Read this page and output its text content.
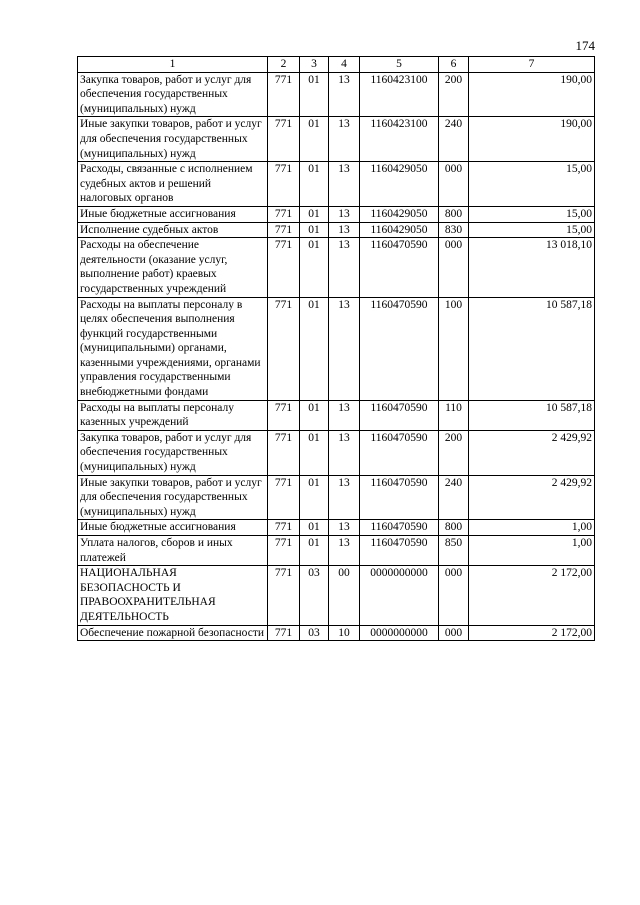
174
1	2	3	4	5	6	7
Закупка товаров, работ и услуг для обеспечения государственных (муниципальных) нужд	771	01	13	1160423100	200	190,00
Иные закупки товаров, работ и услуг для обеспечения государственных (муниципальных) нужд	771	01	13	1160423100	240	190,00
Расходы, связанные с исполнением судебных актов и решений налоговых органов	771	01	13	1160429050	000	15,00
Иные бюджетные ассигнования	771	01	13	1160429050	800	15,00
Исполнение судебных актов	771	01	13	1160429050	830	15,00
Расходы на обеспечение деятельности (оказание услуг, выполнение работ) краевых государственных учреждений	771	01	13	1160470590	000	13 018,10
Расходы на выплаты персоналу в целях обеспечения выполнения функций государственными (муниципальными) органами, казенными учреждениями, органами управления государственными внебюджетными фондами	771	01	13	1160470590	100	10 587,18
Расходы на выплаты персоналу казенных учреждений	771	01	13	1160470590	110	10 587,18
Закупка товаров, работ и услуг для обеспечения государственных (муниципальных) нужд	771	01	13	1160470590	200	2 429,92
Иные закупки товаров, работ и услуг для обеспечения государственных (муниципальных) нужд	771	01	13	1160470590	240	2 429,92
Иные бюджетные ассигнования	771	01	13	1160470590	800	1,00
Уплата налогов, сборов и иных платежей	771	01	13	1160470590	850	1,00
НАЦИОНАЛЬНАЯ БЕЗОПАСНОСТЬ И ПРАВООХРАНИТЕЛЬНАЯ ДЕЯТЕЛЬНОСТЬ	771	03	00	0000000000	000	2 172,00
Обеспечение пожарной безопасности	771	03	10	0000000000	000	2 172,00
